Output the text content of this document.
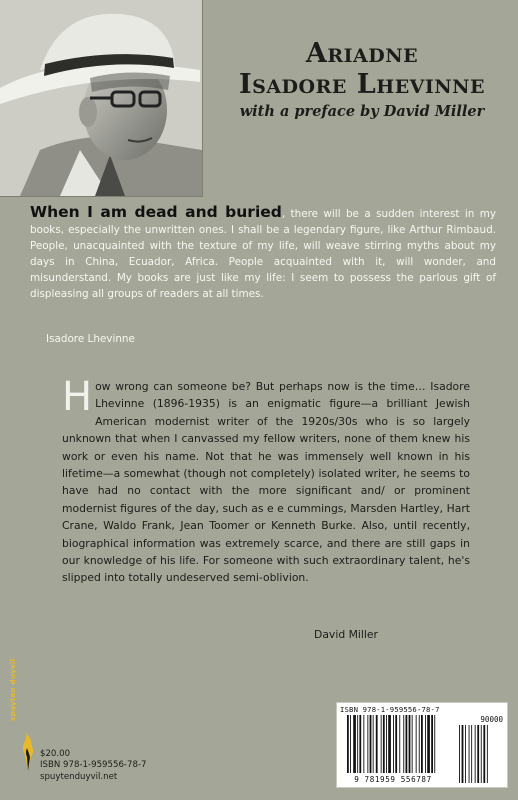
Ariadne
Isadore Lhevinne
with a preface by David Miller
When I am dead and buried, there will be a sudden interest in my books, especially the unwritten ones. I shall be a legendary figure, like Arthur Rimbaud. People, unacquainted with the texture of my life, will weave stirring myths about my days in China, Ecuador, Africa. People acquainted with it, will wonder, and misunderstand. My books are just like my life: I seem to possess the parlous gift of displeasing all groups of readers at all times.
Isadore Lhevinne
How wrong can someone be? But perhaps now is the time… Isadore Lhevinne (1896-1935) is an enigmatic figure—a brilliant Jewish American modernist writer of the 1920s/30s who is so largely unknown that when I canvassed my fellow writers, none of them knew his work or even his name. Not that he was immensely well known in his lifetime—a somewhat (though not completely) isolated writer, he seems to have had no contact with the more significant and/ or prominent modernist figures of the day, such as e e cummings, Marsden Hartley, Hart Crane, Waldo Frank, Jean Toomer or Kenneth Burke. Also, until recently, biographical information was extremely scarce, and there are still gaps in our knowledge of his life. For someone with such extraordinary talent, he's slipped into totally undeserved semi-oblivion.
David Miller
spuyten duyvil
$20.00
ISBN 978-1-959556-78-7
spuytenduyvil.net
ISBN 978-1-959556-78-7
90000
9 781959 556787
